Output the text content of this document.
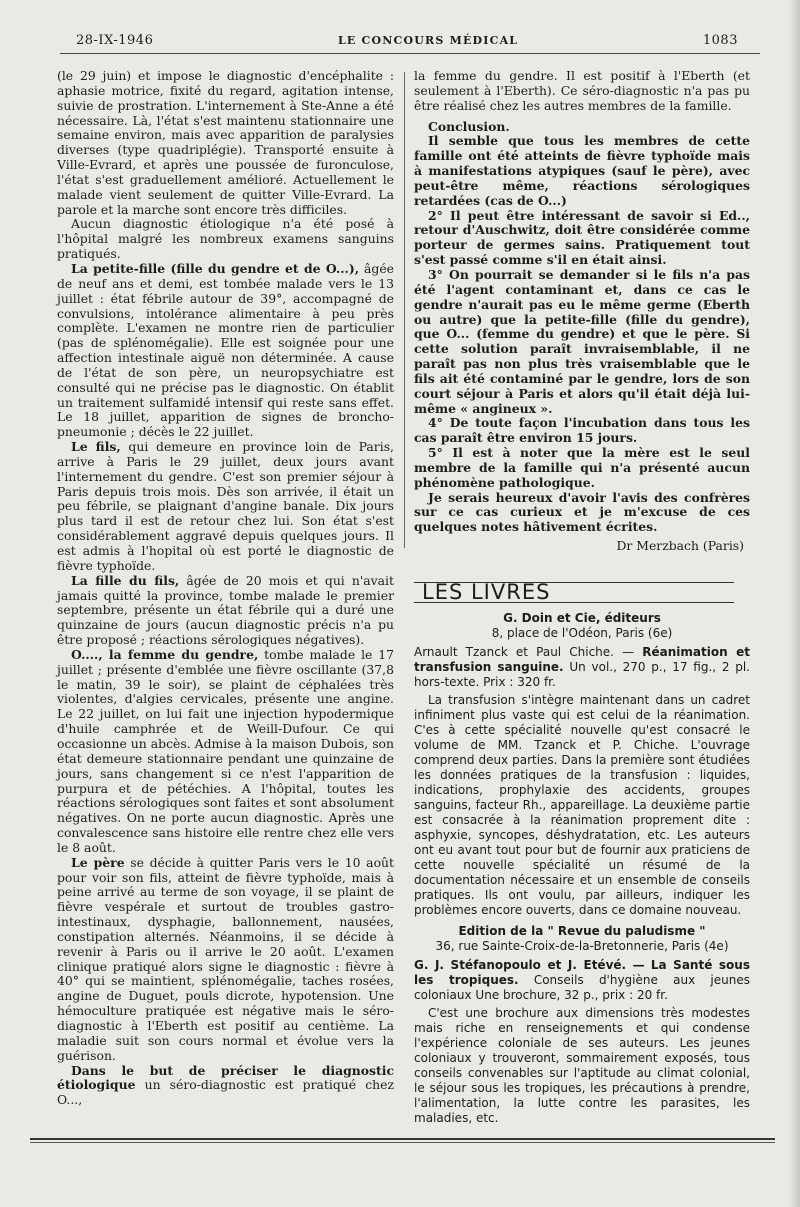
28-IX-1946	LE CONCOURS MÉDICAL	1083

(le 29 juin) et impose le diagnostic d'encéphalite : aphasie motrice, fixité du regard, agitation intense, suivie de prostration. L'internement à Ste-Anne a été nécessaire. Là, l'état s'est maintenu stationnaire une semaine environ, mais avec apparition de paralysies diverses (type quadriplégie). Transporté ensuite à Ville-Evrard, et après une poussée de furonculose, l'état s'est graduellement amélioré. Actuellement le malade vient seulement de quitter Ville-Evrard. La parole et la marche sont encore très difficiles.

Aucun diagnostic étiologique n'a été posé à l'hôpital malgré les nombreux examens sanguins pratiqués.

La petite-fille (fille du gendre et de O...), âgée de neuf ans et demi, est tombée malade vers le 13 juillet : état fébrile autour de 39°, accompagné de convulsions, intolérance alimentaire à peu près complète. L'examen ne montre rien de particulier (pas de splénomégalie). Elle est soignée pour une affection intestinale aiguë non déterminée. A cause de l'état de son père, un neuropsychiatre est consulté qui ne précise pas le diagnostic. On établit un traitement sulfamidé intensif qui reste sans effet. Le 18 juillet, apparition de signes de broncho-pneumonie ; décès le 22 juillet.

Le fils, qui demeure en province loin de Paris, arrive à Paris le 29 juillet, deux jours avant l'internement du gendre. C'est son premier séjour à Paris depuis trois mois. Dès son arrivée, il était un peu fébrile, se plaignant d'angine banale. Dix jours plus tard il est de retour chez lui. Son état s'est considérablement aggravé depuis quelques jours. Il est admis à l'hopital où est porté le diagnostic de fièvre typhoïde.

La fille du fils, âgée de 20 mois et qui n'avait jamais quitté la province, tombe malade le premier septembre, présente un état fébrile qui a duré une quinzaine de jours (aucun diagnostic précis n'a pu être proposé ; réactions sérologiques négatives).

O...., la femme du gendre, tombe malade le 17 juillet ; présente d'emblée une fièvre oscillante (37,8 le matin, 39 le soir), se plaint de céphalées très violentes, d'algies cervicales, présente une angine. Le 22 juillet, on lui fait une injection hypodermique d'huile camphrée et de Weill-Dufour. Ce qui occasionne un abcès. Admise à la maison Dubois, son état demeure stationnaire pendant une quinzaine de jours, sans changement si ce n'est l'apparition de purpura et de pétéchies. A l'hôpital, toutes les réactions sérologiques sont faites et sont absolument négatives. On ne porte aucun diagnostic. Après une convalescence sans histoire elle rentre chez elle vers le 8 août.

Le père se décide à quitter Paris vers le 10 août pour voir son fils, atteint de fièvre typhoïde, mais à peine arrivé au terme de son voyage, il se plaint de fièvre vespérale et surtout de troubles gastro-intestinaux, dysphagie, ballonnement, nausées, constipation alternés. Néanmoins, il se décide à revenir à Paris ou il arrive le 20 août. L'examen clinique pratiqué alors signe le diagnostic : fièvre à 40° qui se maintient, splénomégalie, taches rosées, angine de Duguet, pouls dicrote, hypotension. Une hémoculture pratiquée est négative mais le séro-diagnostic à l'Eberth est positif au centième. La maladie suit son cours normal et évolue vers la guérison.

Dans le but de préciser le diagnostic étiologique un séro-diagnostic est pratiqué chez O...,

la femme du gendre. Il est positif à l'Eberth (et seulement à l'Eberth). Ce séro-diagnostic n'a pas pu être réalisé chez les autres membres de la famille.

Conclusion.

Il semble que tous les membres de cette famille ont été atteints de fièvre typhoïde mais à manifestations atypiques (sauf le père), avec peut-être même, réactions sérologiques retardées (cas de O...)

2° Il peut être intéressant de savoir si Ed.., retour d'Auschwitz, doit être considérée comme porteur de germes sains. Pratiquement tout s'est passé comme s'il en était ainsi.

3° On pourrait se demander si le fils n'a pas été l'agent contaminant et, dans ce cas le gendre n'aurait pas eu le même germe (Eberth ou autre) que la petite-fille (fille du gendre), que O... (femme du gendre) et que le père. Si cette solution paraît invraisemblable, il ne paraît pas non plus très vraisemblable que le fils ait été contaminé par le gendre, lors de son court séjour à Paris et alors qu'il était déjà lui-même « angineux ».

4° De toute façon l'incubation dans tous les cas paraît être environ 15 jours.

5° Il est à noter que la mère est le seul membre de la famille qui n'a présenté aucun phénomène pathologique.

Je serais heureux d'avoir l'avis des confrères sur ce cas curieux et je m'excuse de ces quelques notes hâtivement écrites.

Dr Merzbach (Paris)

LES LIVRES

G. Doin et Cie, éditeurs

8, place de l'Odéon, Paris (6e)

Arnault Tzanck et Paul Chiche. — Réanimation et transfusion sanguine. Un vol., 270 p., 17 fig., 2 pl. hors-texte. Prix : 320 fr.

La transfusion s'intègre maintenant dans un cadret infiniment plus vaste qui est celui de la réanimation. C'es à cette spécialité nouvelle qu'est consacré le volume de MM. Tzanck et P. Chiche. L'ouvrage comprend deux parties. Dans la première sont étudiées les données pratiques de la transfusion : liquides, indications, prophylaxie des accidents, groupes sanguins, facteur Rh., appareillage. La deuxième partie est consacrée à la réanimation proprement dite : asphyxie, syncopes, déshydratation, etc. Les auteurs ont eu avant tout pour but de fournir aux praticiens de cette nouvelle spécialité un résumé de la documentation nécessaire et un ensemble de conseils pratiques. Ils ont voulu, par ailleurs, indiquer les problèmes encore ouverts, dans ce domaine nouveau.

Edition de la " Revue du paludisme "

36, rue Sainte-Croix-de-la-Bretonnerie, Paris (4e)

G. J. Stéfanopoulo et J. Etévé. — La Santé sous les tropiques. Conseils d'hygiène aux jeunes coloniaux Une brochure, 32 p., prix : 20 fr.

C'est une brochure aux dimensions très modestes mais riche en renseignements et qui condense l'expérience coloniale de ses auteurs. Les jeunes coloniaux y trouveront, sommairement exposés, tous conseils convenables sur l'aptitude au climat colonial, le séjour sous les tropiques, les précautions à prendre, l'alimentation, la lutte contre les parasites, les maladies, etc.
